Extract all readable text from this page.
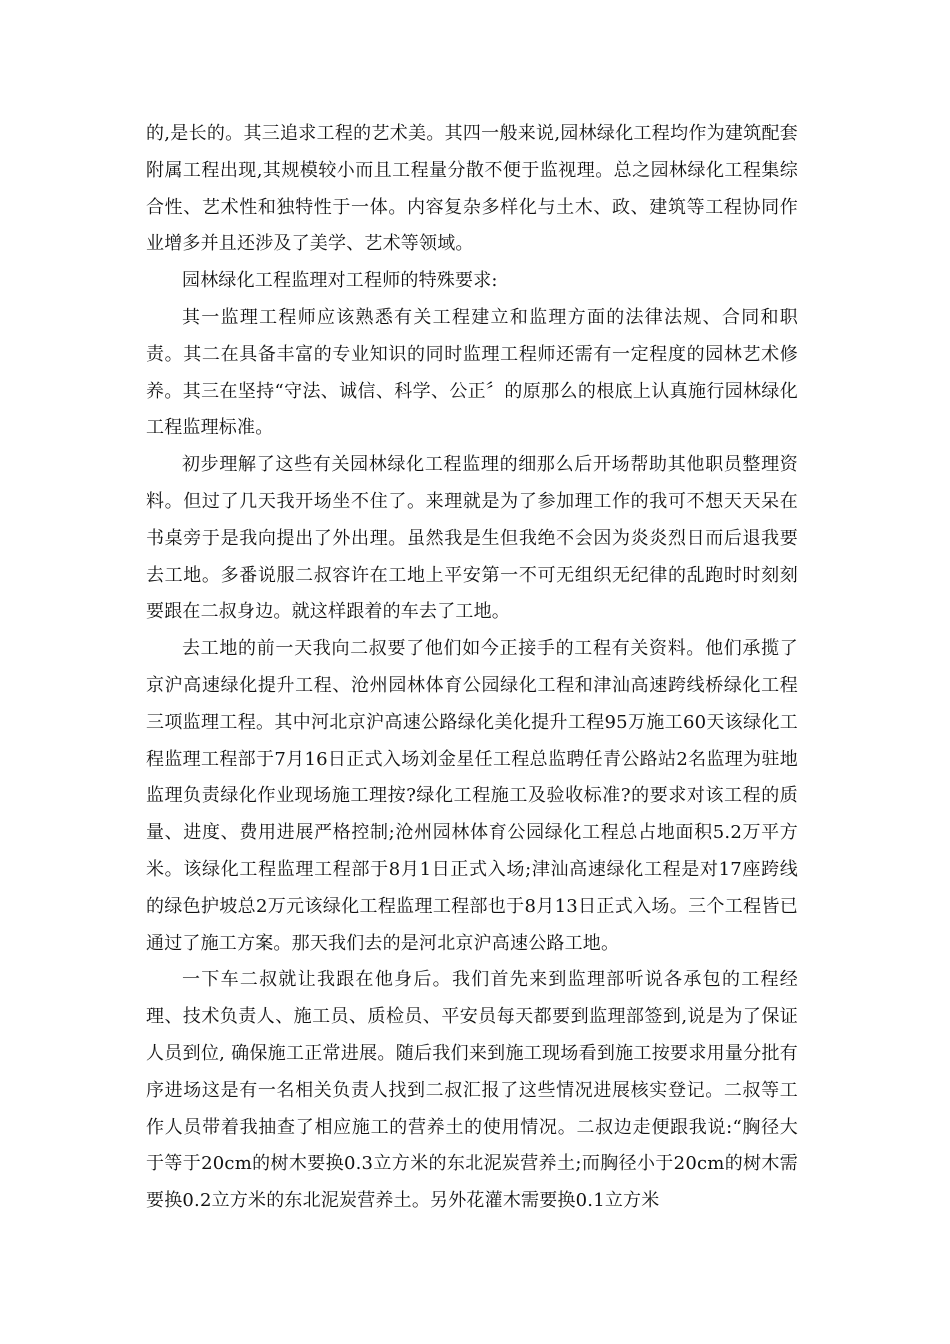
的,是长的。其三追求工程的艺术美。其四一般来说,园林绿化工程均作为建筑配套附属工程出现,其规模较小而且工程量分散不便于监视理。总之园林绿化工程集综合性、艺术性和独特性于一体。内容复杂多样化与土木、政、建筑等工程协同作业增多并且还涉及了美学、艺术等领域。

园林绿化工程监理对工程师的特殊要求:

其一监理工程师应该熟悉有关工程建立和监理方面的法律法规、合同和职责。其二在具备丰富的专业知识的同时监理工程师还需有一定程度的园林艺术修养。其三在坚持“守法、诚信、科学、公正〞的原那么的根底上认真施行园林绿化工程监理标准。

初步理解了这些有关园林绿化工程监理的细那么后开场帮助其他职员整理资料。但过了几天我开场坐不住了。来理就是为了参加理工作的我可不想天天呆在书桌旁于是我向提出了外出理。虽然我是生但我绝不会因为炎炎烈日而后退我要去工地。多番说服二叔容许在工地上平安第一不可无组织无纪律的乱跑时时刻刻要跟在二叔身边。就这样跟着的车去了工地。

去工地的前一天我向二叔要了他们如今正接手的工程有关资料。他们承揽了京沪高速绿化提升工程、沧州园林体育公园绿化工程和津汕高速跨线桥绿化工程三项监理工程。其中河北京沪高速公路绿化美化提升工程95万施工60天该绿化工程监理工程部于7月16日正式入场刘金星任工程总监聘任青公路站2名监理为驻地监理负责绿化作业现场施工理按?绿化工程施工及验收标准?的要求对该工程的质量、进度、费用进展严格控制;沧州园林体育公园绿化工程总占地面积5.2万平方米。该绿化工程监理工程部于8月1日正式入场;津汕高速绿化工程是对17座跨线的绿色护坡总2万元该绿化工程监理工程部也于8月13日正式入场。三个工程皆已通过了施工方案。那天我们去的是河北京沪高速公路工地。

一下车二叔就让我跟在他身后。我们首先来到监理部听说各承包的工程经理、技术负责人、施工员、质检员、平安员每天都要到监理部签到,说是为了保证人员到位, 确保施工正常进展。随后我们来到施工现场看到施工按要求用量分批有序进场这是有一名相关负责人找到二叔汇报了这些情况进展核实登记。二叔等工作人员带着我抽查了相应施工的营养土的使用情况。二叔边走便跟我说:“胸径大于等于20cm的树木要换0.3立方米的东北泥炭营养土;而胸径小于20cm的树木需要换0.2立方米的东北泥炭营养土。另外花灌木需要换0.1立方米
